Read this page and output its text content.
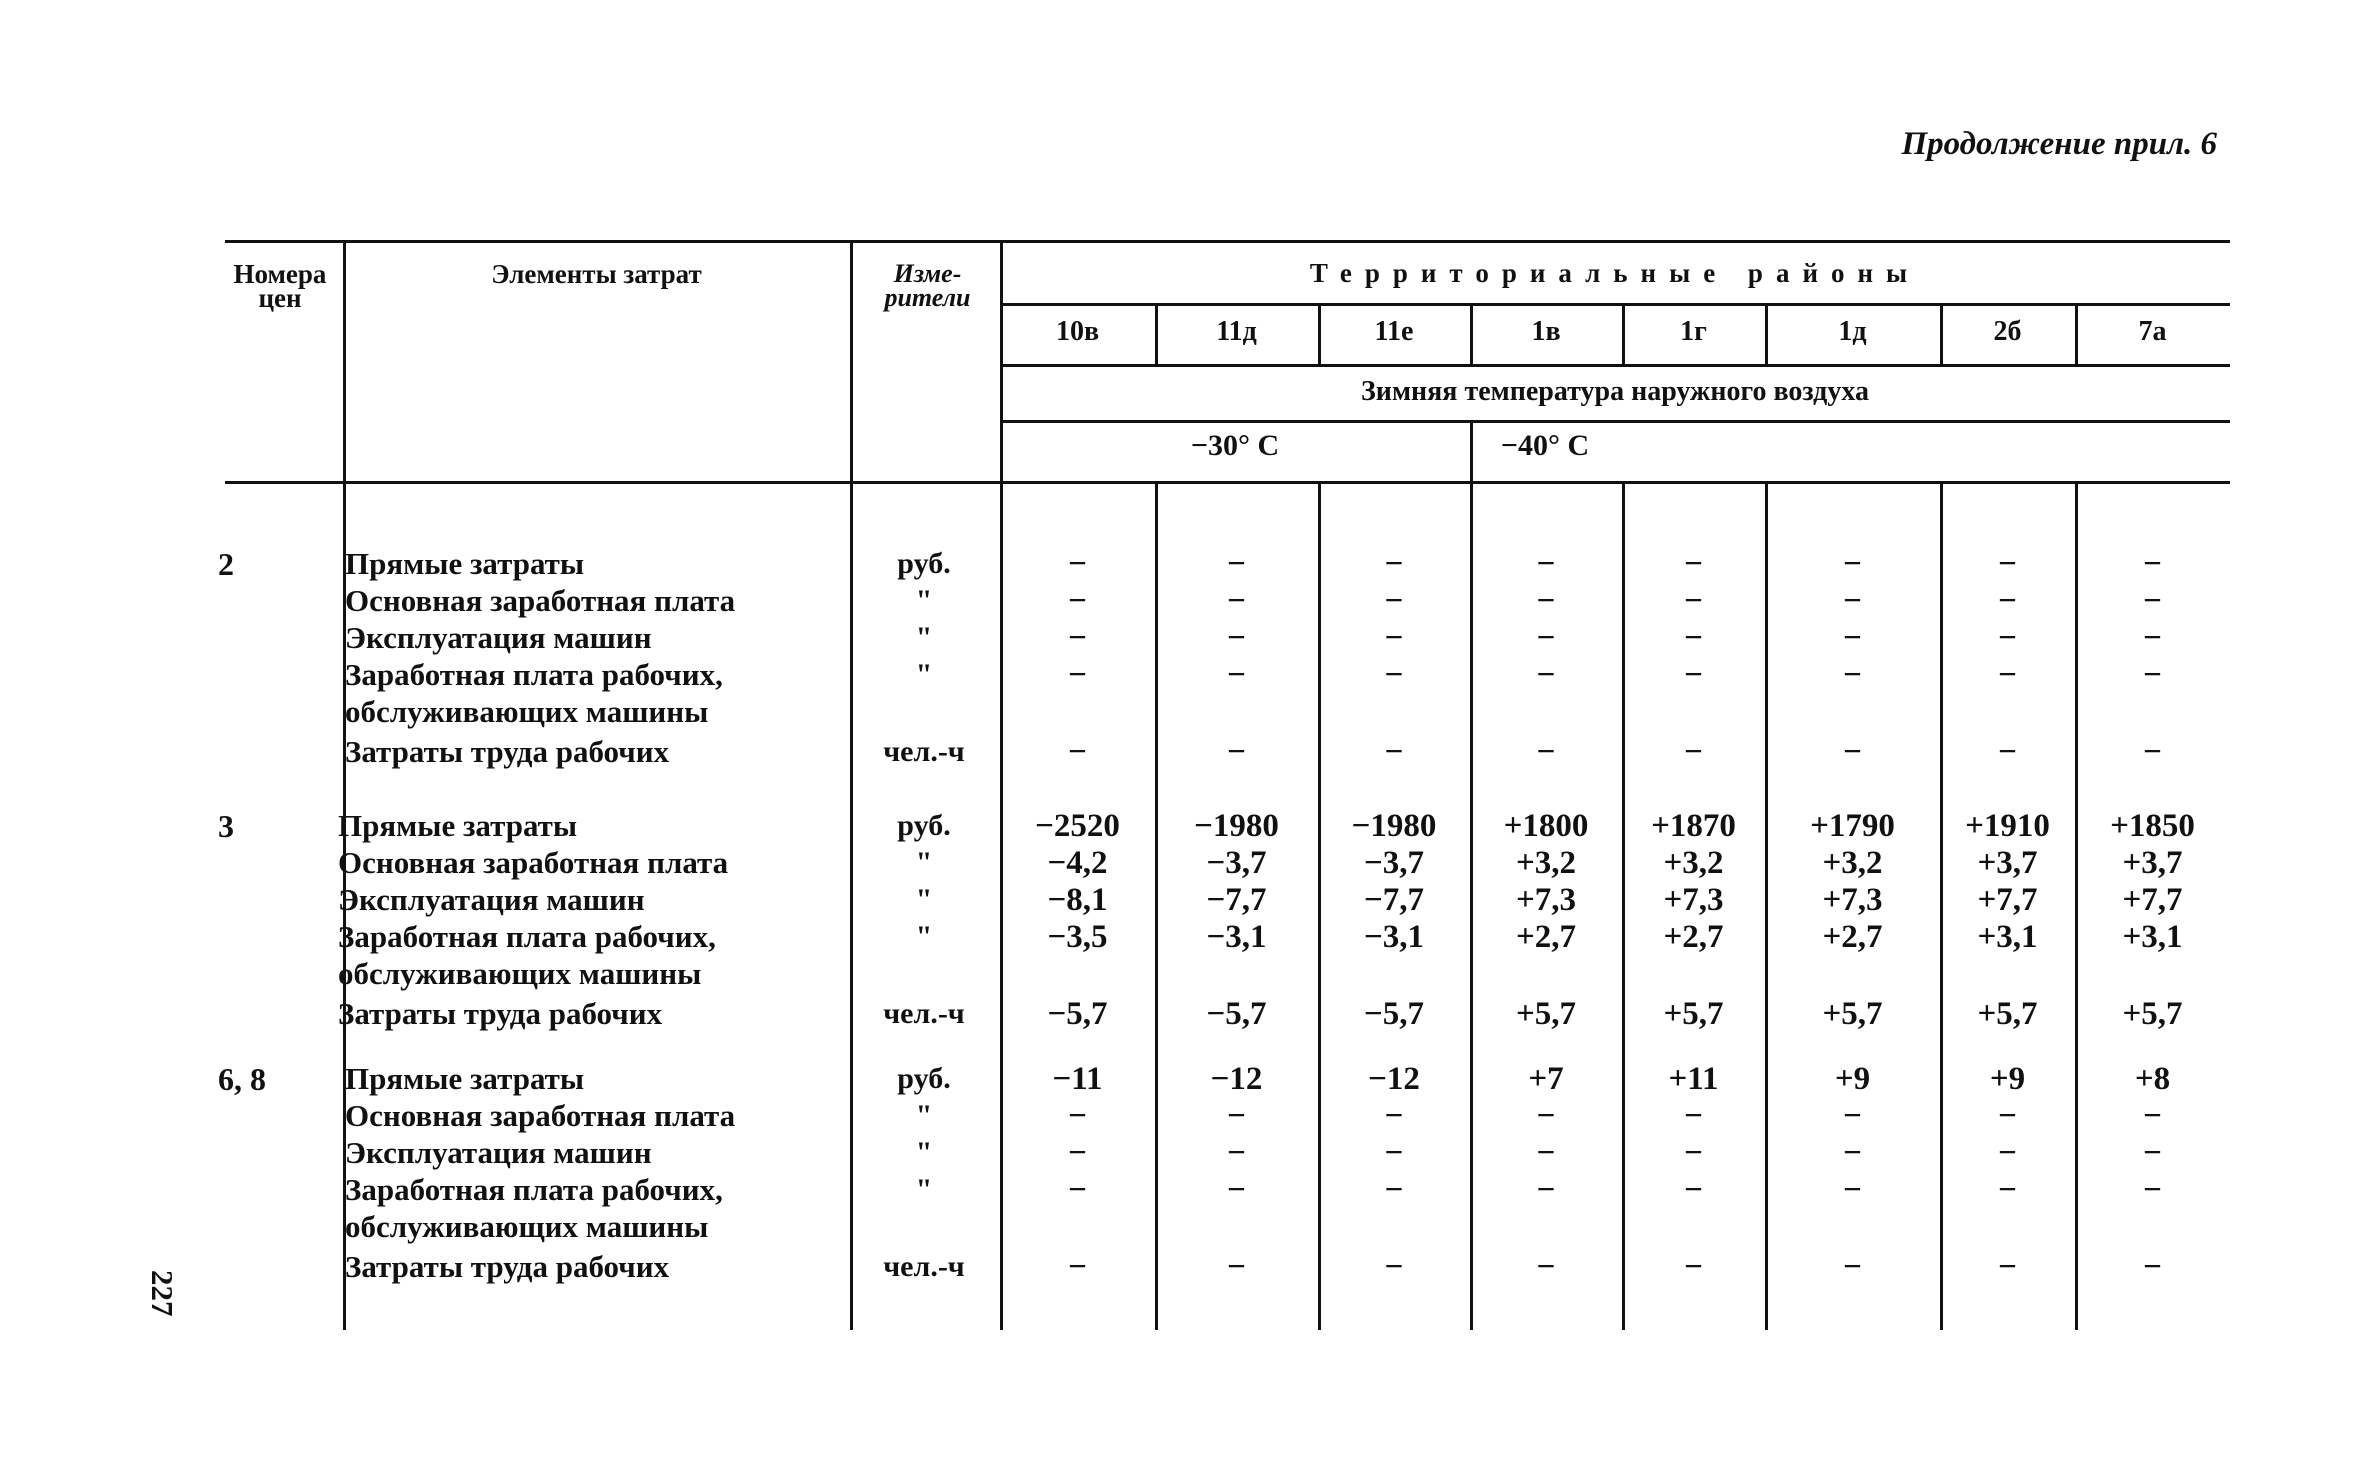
Продолжение прил. 6
227
Номера цен
Элементы затрат	Изме-рители
Территориальные районы
10в	11д	11е	1в	1г	1д	2б	7а
Зимняя температура наружного воздуха
−30° С	−40° С
2	Прямые затраты	руб.	−	−	−	−	−	−	−	−
Основная заработная плата	"	−	−	−	−	−	−	−	−
Эксплуатация машин	"	−	−	−	−	−	−	−	−
Заработная плата рабочих,	"	−	−	−	−	−	−	−	−
обслуживающих машины
Затраты труда рабочих	чел.-ч	−	−	−	−	−	−	−	−
3	Прямые затраты	руб.	−2520	−1980	−1980	+1800	+1870	+1790	+1910	+1850
Основная заработная плата	"	−4,2	−3,7	−3,7	+3,2	+3,2	+3,2	+3,7	+3,7
Эксплуатация машин	"	−8,1	−7,7	−7,7	+7,3	+7,3	+7,3	+7,7	+7,7
Заработная плата рабочих,	"	−3,5	−3,1	−3,1	+2,7	+2,7	+2,7	+3,1	+3,1
обслуживающих машины
Затраты труда рабочих	чел.-ч	−5,7	−5,7	−5,7	+5,7	+5,7	+5,7	+5,7	+5,7
6, 8	Прямые затраты	руб.	−11	−12	−12	+7	+11	+9	+9	+8
Основная заработная плата	"	−	−	−	−	−	−	−	−
Эксплуатация машин	"	−	−	−	−	−	−	−	−
Заработная плата рабочих,	"	−	−	−	−	−	−	−	−
обслуживающих машины
Затраты труда рабочих	чел.-ч	−	−	−	−	−	−	−	−
